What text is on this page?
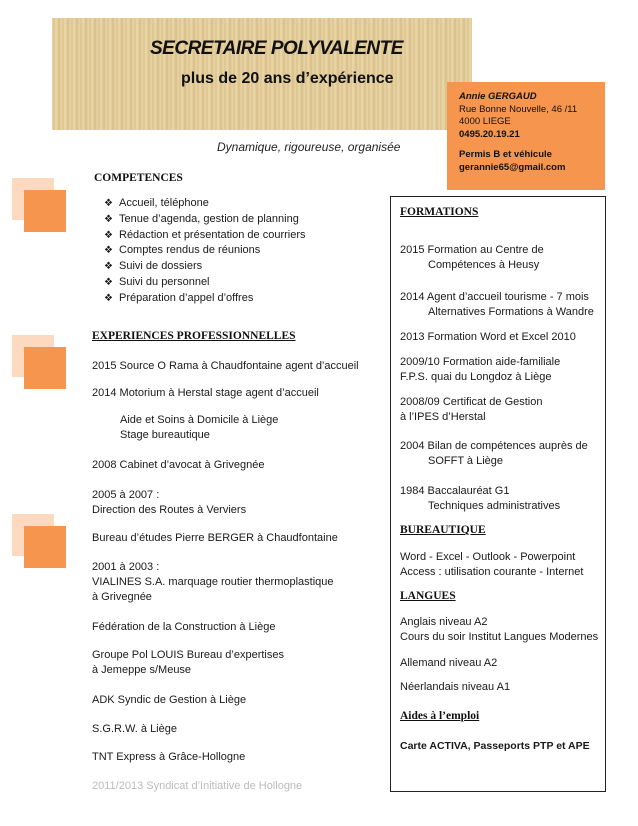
SECRETAIRE POLYVALENTE
plus de 20 ans d’expérience
Dynamique, rigoureuse, organisée
Annie GERGAUD
Rue Bonne Nouvelle, 46 /11
4000 LIEGE
0495.20.19.21
Permis B et véhicule
gerannie65@gmail.com
COMPETENCES
❖ Accueil, téléphone
❖ Tenue d’agenda, gestion de planning
❖ Rédaction et présentation de courriers
❖ Comptes rendus de réunions
❖ Suivi de dossiers
❖ Suivi du personnel
❖ Préparation d’appel d’offres
EXPERIENCES PROFESSIONNELLES
2015 Source O Rama à Chaudfontaine agent d’accueil
2014 Motorium à Herstal stage agent d’accueil
Aide et Soins à Domicile à Liège
Stage bureautique
2008 Cabinet d’avocat à Grivegnée
2005 à 2007 :
Direction des Routes à Verviers
Bureau d’études Pierre BERGER à Chaudfontaine
2001 à 2003 :
VIALINES S.A. marquage routier thermoplastique
à Grivegnée
Fédération de la Construction à Liège
Groupe Pol LOUIS Bureau d’expertises
à Jemeppe s/Meuse
ADK Syndic de Gestion à Liège
S.G.R.W. à Liège
TNT Express à Grâce-Hollogne
2011/2013 Syndicat d’Initiative de Hollogne
FORMATIONS
2015 Formation au Centre de
Compétences à Heusy
2014 Agent d’accueil tourisme - 7 mois
Alternatives Formations à Wandre
2013 Formation Word et Excel 2010
2009/10 Formation aide-familiale
F.P.S. quai du Longdoz à Liège
2008/09 Certificat de Gestion
à l’IPES d’Herstal
2004 Bilan de compétences auprès de
SOFFT à Liège
1984 Baccalauréat G1
Techniques administratives
BUREAUTIQUE
Word - Excel - Outlook - Powerpoint
Access : utilisation courante - Internet
LANGUES
Anglais niveau A2
Cours du soir Institut Langues Modernes
Allemand niveau A2
Néerlandais niveau A1
Aides à l’emploi
Carte ACTIVA, Passeports PTP et APE
